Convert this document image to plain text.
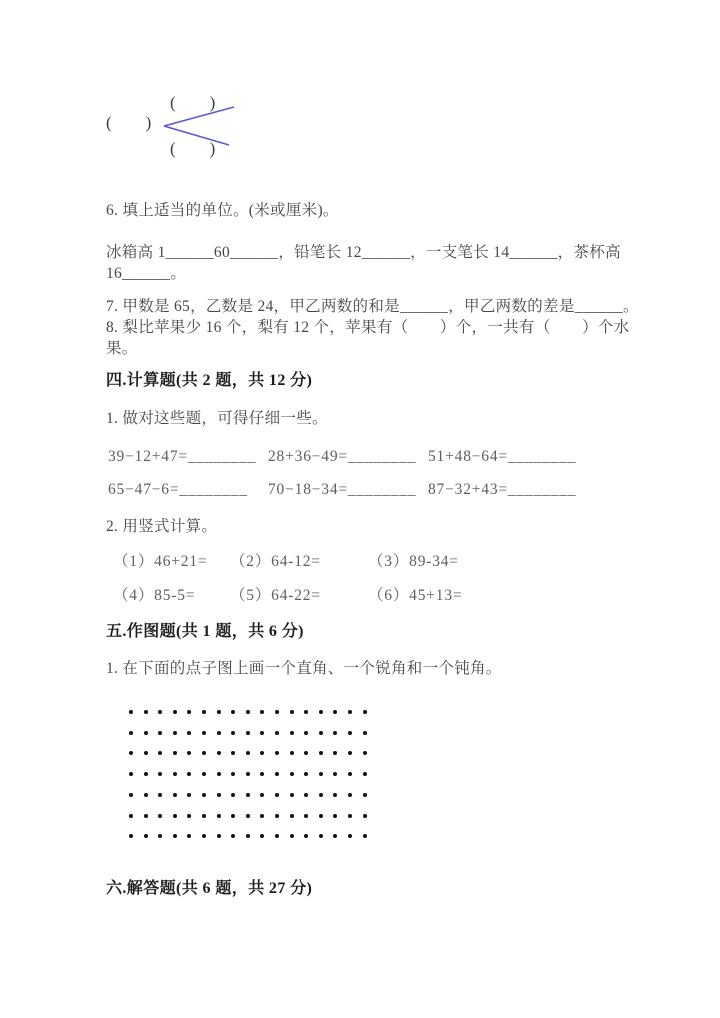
(        )
(        )
(        )
6. 填上适当的单位。(米或厘米)。
冰箱高 1______60______，铅笔长 12______，一支笔长 14______，茶杯高
16______。
7. 甲数是 65，乙数是 24，甲乙两数的和是______，甲乙两数的差是______。
8. 梨比苹果少 16 个，梨有 12 个，苹果有（　　）个，一共有（　　）个水
果。
四.计算题(共 2 题，共 12 分)
1. 做对这些题，可得仔细一些。
39−12+47=________ 28+36−49=________ 51+48−64=________
65−47−6=________ 70−18−34=________ 87−32+43=________
2. 用竖式计算。
（1）46+21= （2）64-12=	（3）89-34=
（4）85-5= （5）64-22=	（6）45+13=
五.作图题(共 1 题，共 6 分)
1. 在下面的点子图上画一个直角、一个锐角和一个钝角。
六.解答题(共 6 题，共 27 分)
